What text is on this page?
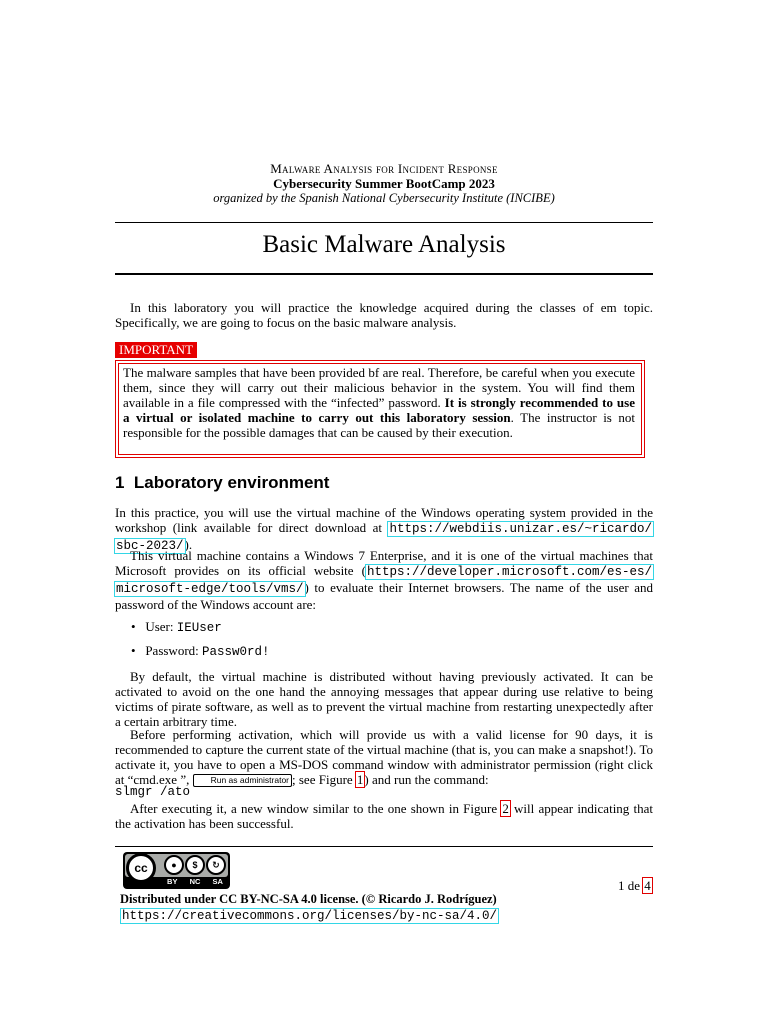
Malware Analysis for Incident Response
Cybersecurity Summer BootCamp 2023
organized by the Spanish National Cybersecurity Institute (INCIBE)
Basic Malware Analysis
In this laboratory you will practice the knowledge acquired during the classes of em topic. Specifically, we are going to focus on the basic malware analysis.
IMPORTANT
The malware samples that have been provided bf are real. Therefore, be careful when you execute them, since they will carry out their malicious behavior in the system. You will find them available in a file compressed with the “infected” password. It is strongly recommended to use a virtual or isolated machine to carry out this laboratory session. The instructor is not responsible for the possible damages that can be caused by their execution.
1 Laboratory environment
In this practice, you will use the virtual machine of the Windows operating system provided in the workshop (link available for direct download at https://webdiis.unizar.es/~ricardo/ sbc-2023/).
This virtual machine contains a Windows 7 Enterprise, and it is one of the virtual machines that Microsoft provides on its official website (https://developer.microsoft.com/es-es/ microsoft-edge/tools/vms/) to evaluate their Internet browsers. The name of the user and password of the Windows account are:
•   User: IEUser
•   Password: Passw0rd!
By default, the virtual machine is distributed without having previously activated. It can be activated to avoid on the one hand the annoying messages that appear during use relative to being victims of pirate software, as well as to prevent the virtual machine from restarting unexpectedly after a certain arbitrary time.
Before performing activation, which will provide us with a valid license for 90 days, it is recommended to capture the current state of the virtual machine (that is, you can make a snapshot!). To activate it, you have to open a MS-DOS command window with administrator permission (right click at “cmd.exe ”, Run as administrator ; see Figure 1) and run the command:
slmgr /ato
After executing it, a new window similar to the one shown in Figure 2 will appear indicating that the activation has been successful.
cc	●	$	↻
BY NC SA	1 de 4
Distributed under CC BY-NC-SA 4.0 license. (© Ricardo J. Rodríguez)
https://creativecommons.org/licenses/by-nc-sa/4.0/
